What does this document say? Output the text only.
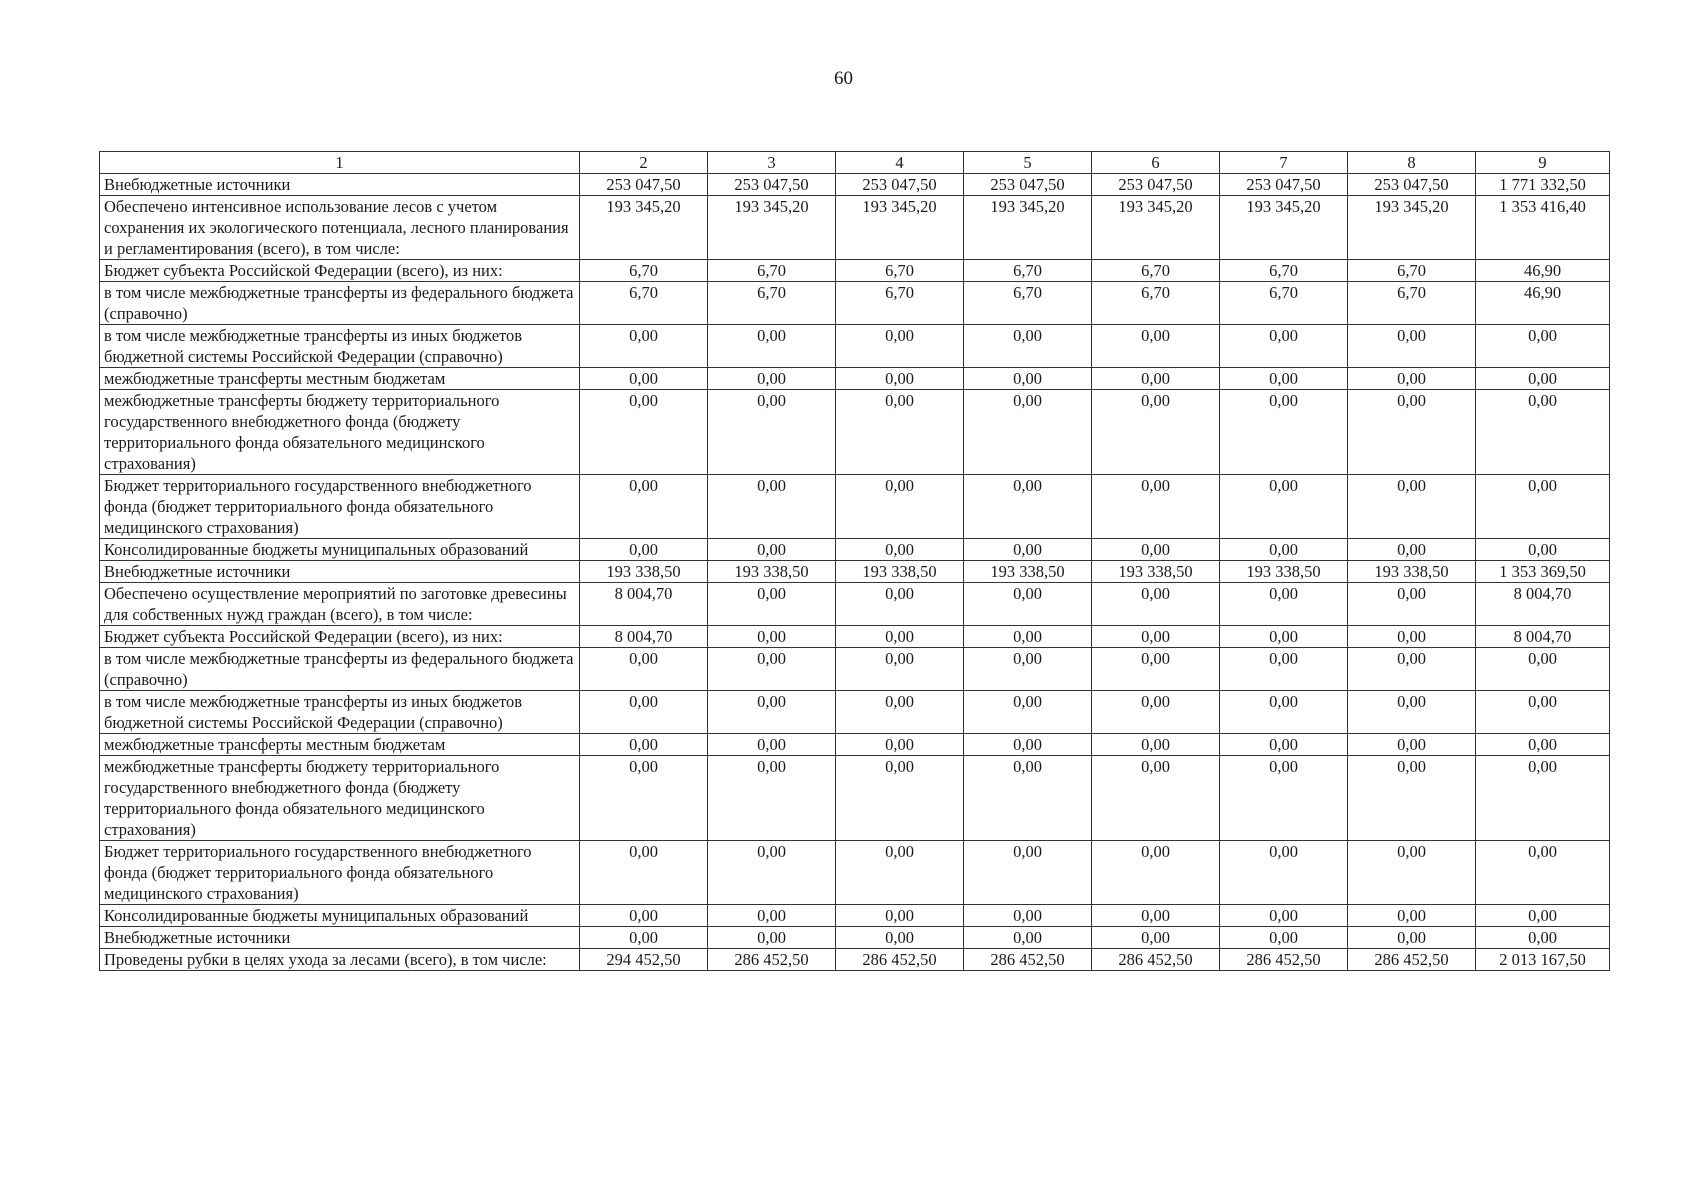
60
1	2	3	4	5	6	7	8	9
Внебюджетные источники	253 047,50	253 047,50	253 047,50	253 047,50	253 047,50	253 047,50	253 047,50	1 771 332,50
Обеспечено интенсивное использование лесов с учетом сохранения их экологического потенциала, лесного планирования и регламентирования (всего), в том числе:	193 345,20	193 345,20	193 345,20	193 345,20	193 345,20	193 345,20	193 345,20	1 353 416,40
Бюджет субъекта Российской Федерации (всего), из них:	6,70	6,70	6,70	6,70	6,70	6,70	6,70	46,90
в том числе межбюджетные трансферты из федерального бюджета (справочно)	6,70	6,70	6,70	6,70	6,70	6,70	6,70	46,90
в том числе межбюджетные трансферты из иных бюджетов бюджетной системы Российской Федерации (справочно)	0,00	0,00	0,00	0,00	0,00	0,00	0,00	0,00
межбюджетные трансферты местным бюджетам	0,00	0,00	0,00	0,00	0,00	0,00	0,00	0,00
межбюджетные трансферты бюджету территориального государственного внебюджетного фонда (бюджету территориального фонда обязательного медицинского страхования)	0,00	0,00	0,00	0,00	0,00	0,00	0,00	0,00
Бюджет территориального государственного внебюджетного фонда (бюджет территориального фонда обязательного медицинского страхования)	0,00	0,00	0,00	0,00	0,00	0,00	0,00	0,00
Консолидированные бюджеты муниципальных образований	0,00	0,00	0,00	0,00	0,00	0,00	0,00	0,00
Внебюджетные источники	193 338,50	193 338,50	193 338,50	193 338,50	193 338,50	193 338,50	193 338,50	1 353 369,50
Обеспечено осуществление мероприятий по заготовке древесины для собственных нужд граждан (всего), в том числе:	8 004,70	0,00	0,00	0,00	0,00	0,00	0,00	8 004,70
Бюджет субъекта Российской Федерации (всего), из них:	8 004,70	0,00	0,00	0,00	0,00	0,00	0,00	8 004,70
в том числе межбюджетные трансферты из федерального бюджета (справочно)	0,00	0,00	0,00	0,00	0,00	0,00	0,00	0,00
в том числе межбюджетные трансферты из иных бюджетов бюджетной системы Российской Федерации (справочно)	0,00	0,00	0,00	0,00	0,00	0,00	0,00	0,00
межбюджетные трансферты местным бюджетам	0,00	0,00	0,00	0,00	0,00	0,00	0,00	0,00
межбюджетные трансферты бюджету территориального государственного внебюджетного фонда (бюджету территориального фонда обязательного медицинского страхования)	0,00	0,00	0,00	0,00	0,00	0,00	0,00	0,00
Бюджет территориального государственного внебюджетного фонда (бюджет территориального фонда обязательного медицинского страхования)	0,00	0,00	0,00	0,00	0,00	0,00	0,00	0,00
Консолидированные бюджеты муниципальных образований	0,00	0,00	0,00	0,00	0,00	0,00	0,00	0,00
Внебюджетные источники	0,00	0,00	0,00	0,00	0,00	0,00	0,00	0,00
Проведены рубки в целях ухода за лесами (всего), в том числе:	294 452,50	286 452,50	286 452,50	286 452,50	286 452,50	286 452,50	286 452,50	2 013 167,50
